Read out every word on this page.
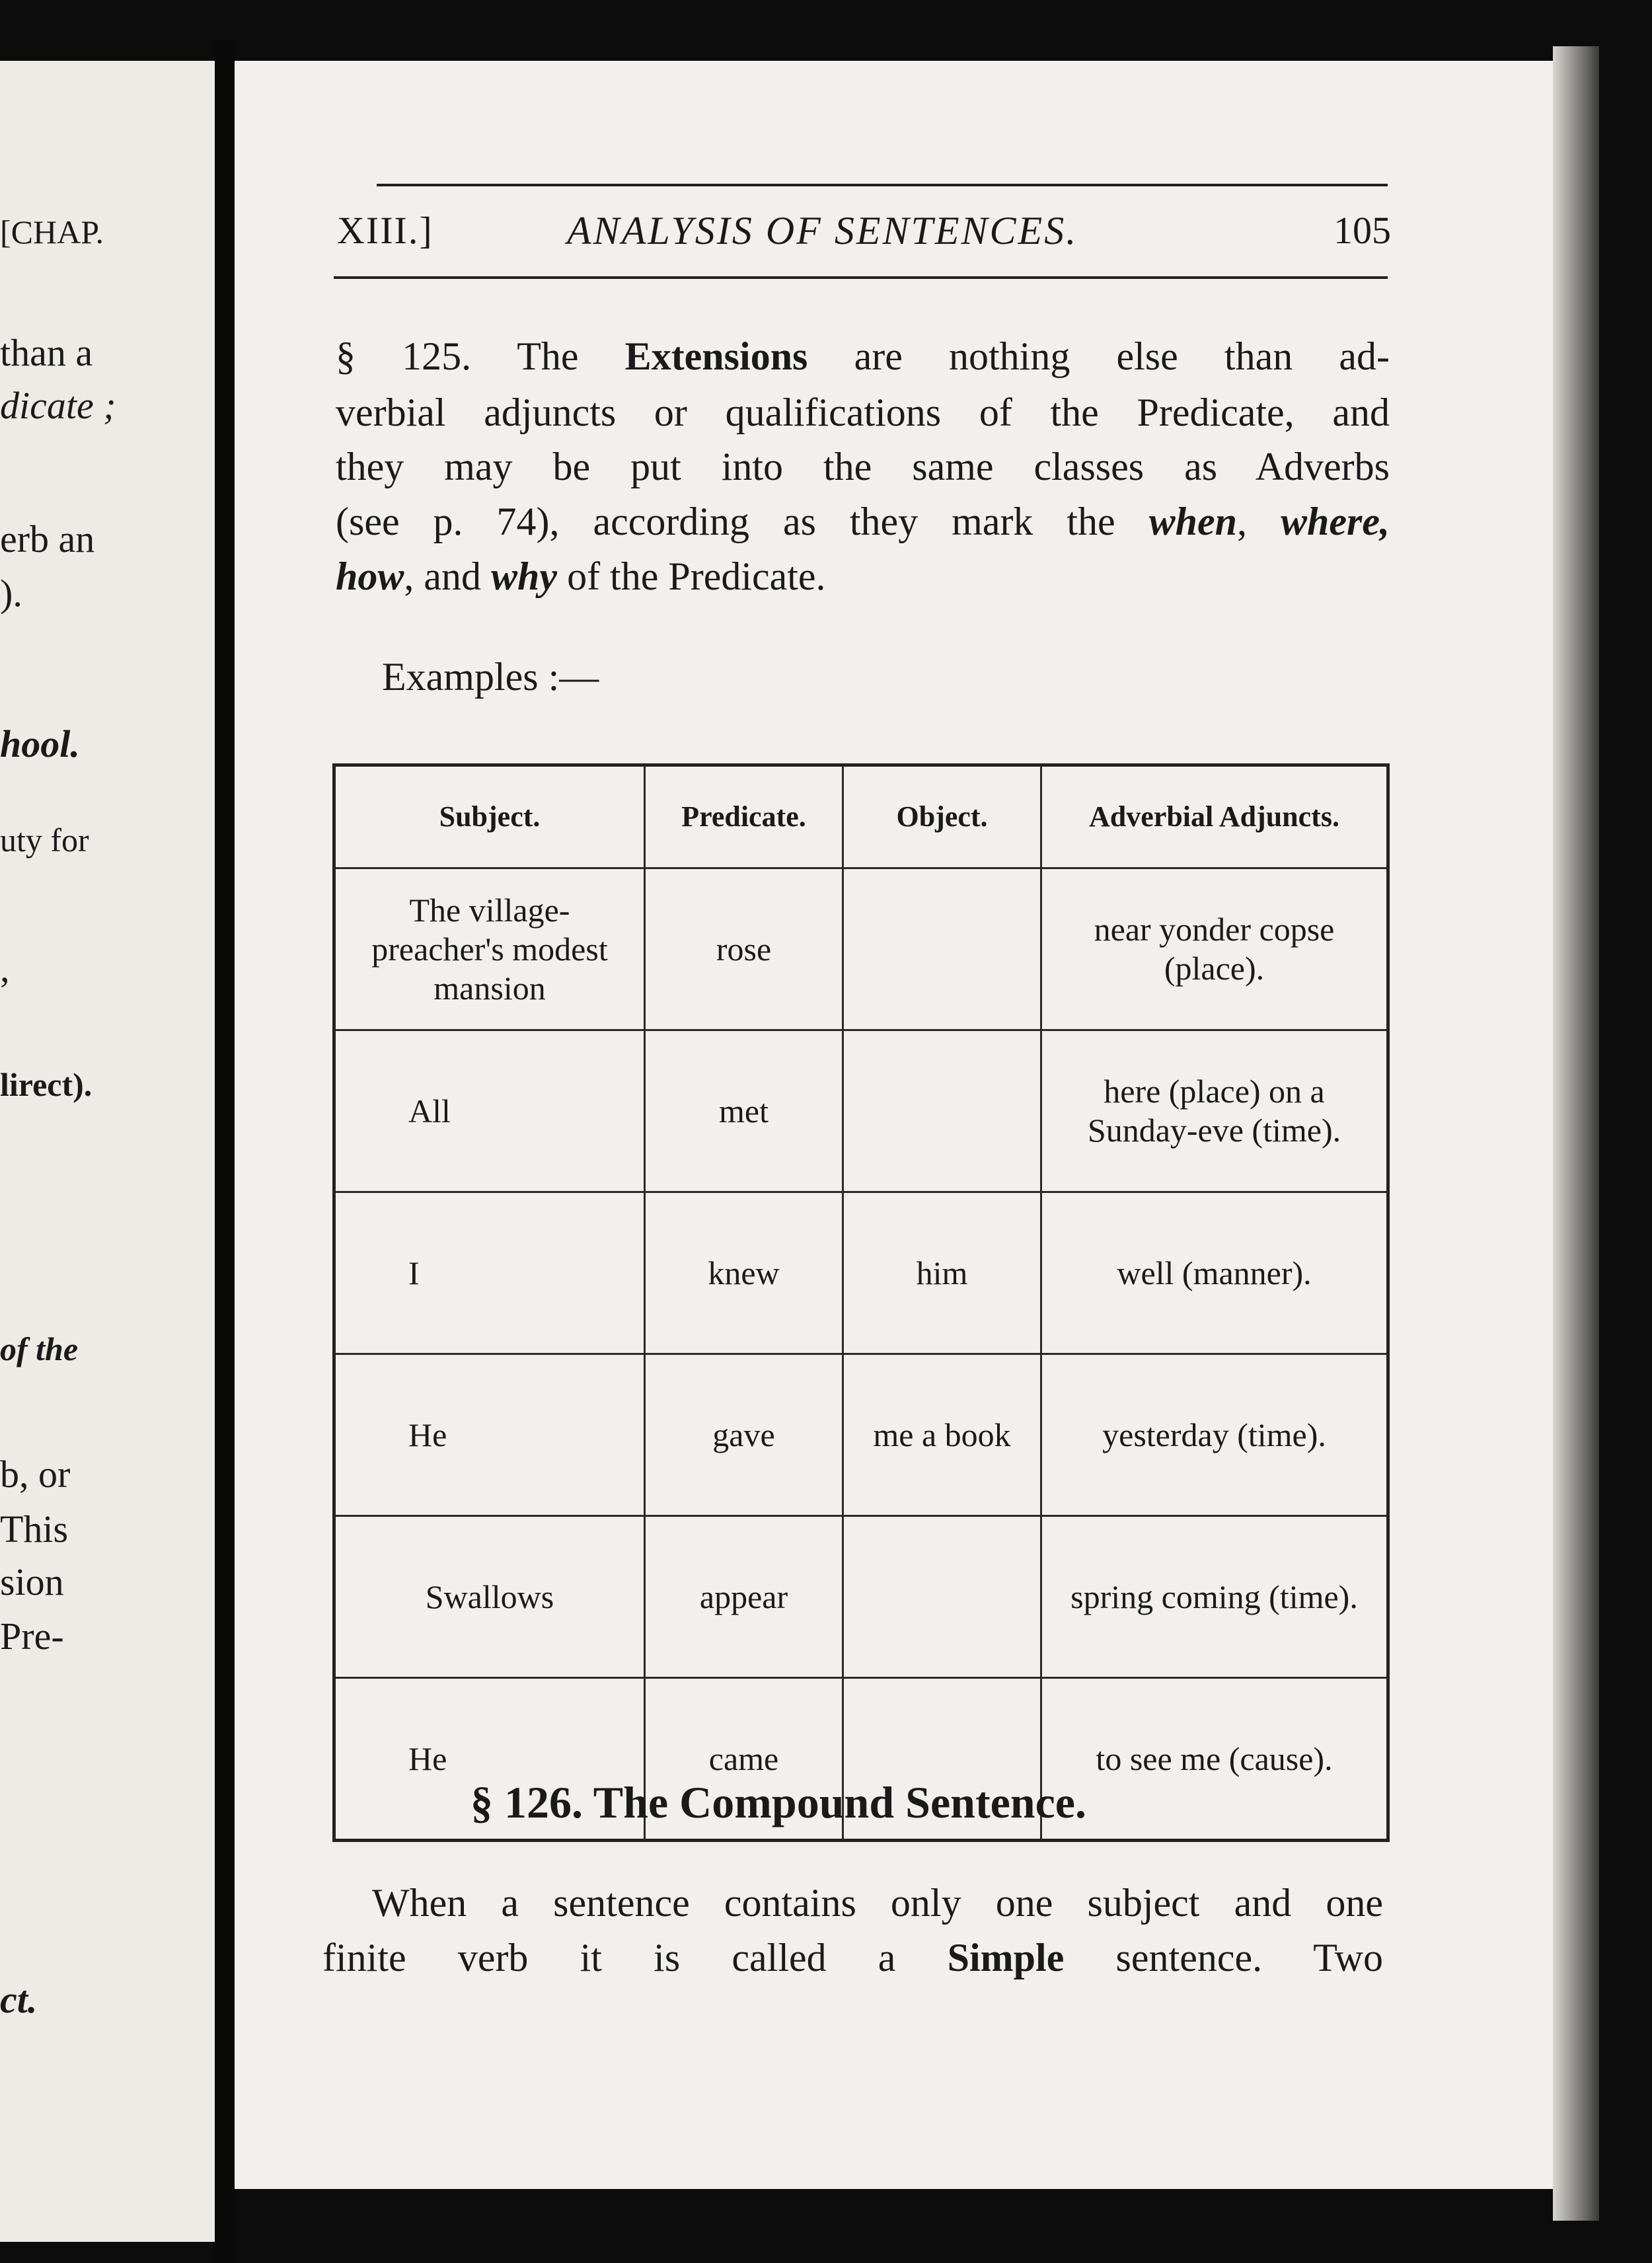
[CHAP.
than a
dicate ;
erb an
).
hool.
uty for
,
lirect).
of the
b, or
This
sion
Pre-
ct.
XIII.]	ANALYSIS OF SENTENCES.	105
§ 125. The Extensions are nothing else than ad-
verbial adjuncts or qualifications of the Predicate, and
they may be put into the same classes as Adverbs
(see p. 74), according as they mark the when, where,
how, and why of the Predicate.
Examples :—
Subject.	Predicate.	Object.	Adverbial Adjuncts.
The village-preacher's modest mansion	rose		near yonder copse (place).
All	met		here (place) on a Sunday-eve (time).
I	knew	him	well (manner).
He	gave	me a book	yesterday (time).
Swallows	appear		spring coming (time).
He	came		to see me (cause).
§ 126. The Compound Sentence.
When a sentence contains only one subject and one
finite verb it is called a Simple sentence. Two
